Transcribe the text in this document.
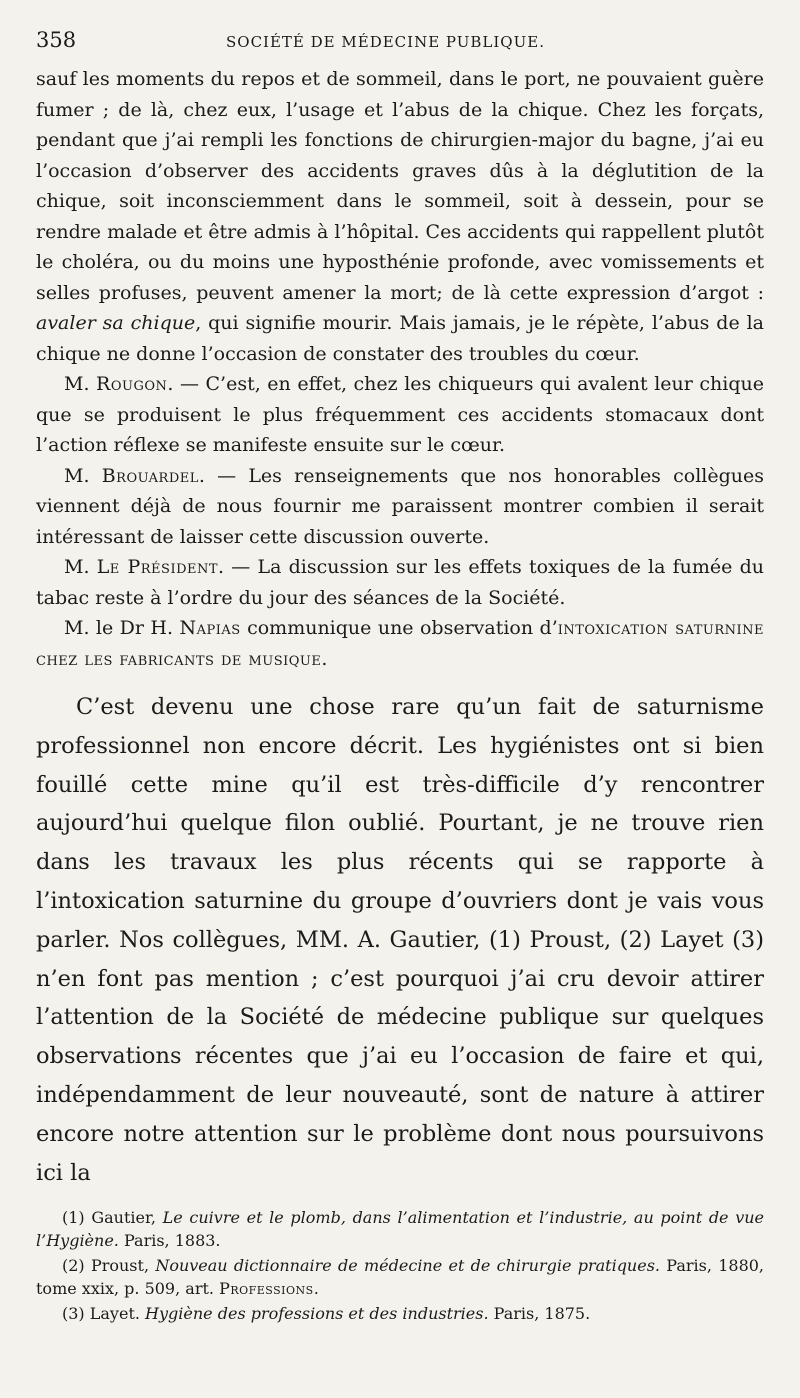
358	SOCIÉTÉ DE MÉDECINE PUBLIQUE.

sauf les moments du repos et de sommeil, dans le port, ne pouvaient guère fumer ; de là, chez eux, l’usage et l’abus de la chique. Chez les forçats, pendant que j’ai rempli les fonctions de chirurgien-major du bagne, j’ai eu l’occasion d’observer des accidents graves dûs à la déglutition de la chique, soit inconsciemment dans le sommeil, soit à dessein, pour se rendre malade et être admis à l’hôpital. Ces accidents qui rappellent plutôt le choléra, ou du moins une hyposthénie profonde, avec vomissements et selles profuses, peuvent amener la mort; de là cette expression d’argot : avaler sa chique, qui signifie mourir. Mais jamais, je le répète, l’abus de la chique ne donne l’occasion de constater des troubles du cœur.

M. Rougon. — C’est, en effet, chez les chiqueurs qui avalent leur chique que se produisent le plus fréquemment ces accidents stomacaux dont l’action réflexe se manifeste ensuite sur le cœur.

M. Brouardel. — Les renseignements que nos honorables collègues viennent déjà de nous fournir me paraissent montrer combien il serait intéressant de laisser cette discussion ouverte.

M. Le Président. — La discussion sur les effets toxiques de la fumée du tabac reste à l’ordre du jour des séances de la Société.

M. le Dr H. Napias communique une observation d’intoxication saturnine chez les fabricants de musique.

C’est devenu une chose rare qu’un fait de saturnisme professionnel non encore décrit. Les hygiénistes ont si bien fouillé cette mine qu’il est très-difficile d’y rencontrer aujourd’hui quelque filon oublié. Pourtant, je ne trouve rien dans les travaux les plus récents qui se rapporte à l’intoxication saturnine du groupe d’ouvriers dont je vais vous parler. Nos collègues, MM. A. Gautier, (1) Proust, (2) Layet (3) n’en font pas mention ; c’est pourquoi j’ai cru devoir attirer l’attention de la Société de médecine publique sur quelques observations récentes que j’ai eu l’occasion de faire et qui, indépendamment de leur nouveauté, sont de nature à attirer encore notre attention sur le problème dont nous poursuivons ici la

(1) Gautier, Le cuivre et le plomb, dans l’alimentation et l’industrie, au point de vue l’Hygiène. Paris, 1883.

(2) Proust, Nouveau dictionnaire de médecine et de chirurgie pratiques. Paris, 1880, tome xxix, p. 509, art. Professions.

(3) Layet. Hygiène des professions et des industries. Paris, 1875.
